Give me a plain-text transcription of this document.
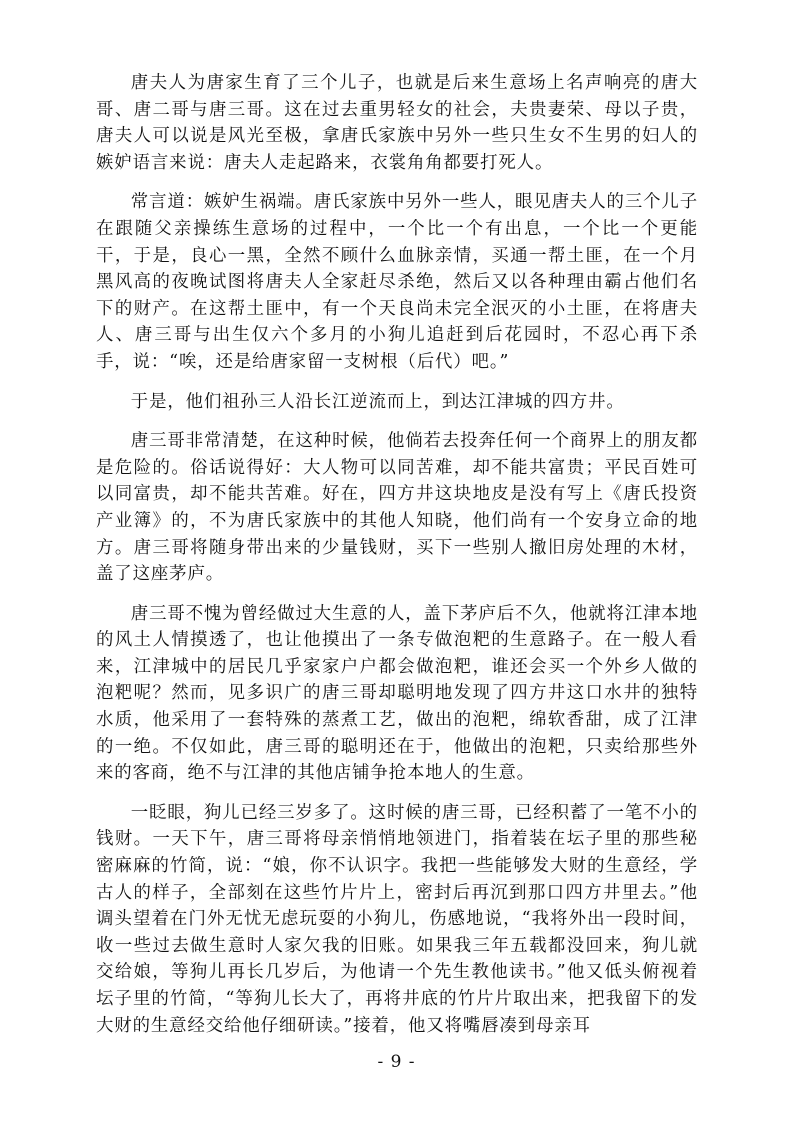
唐夫人为唐家生育了三个儿子，也就是后来生意场上名声响亮的唐大哥、唐二哥与唐三哥。这在过去重男轻女的社会，夫贵妻荣、母以子贵，唐夫人可以说是风光至极，拿唐氏家族中另外一些只生女不生男的妇人的嫉妒语言来说：唐夫人走起路来，衣裳角角都要打死人。

常言道：嫉妒生祸端。唐氏家族中另外一些人，眼见唐夫人的三个儿子在跟随父亲操练生意场的过程中，一个比一个有出息，一个比一个更能干，于是，良心一黑，全然不顾什么血脉亲情，买通一帮土匪，在一个月黑风高的夜晚试图将唐夫人全家赶尽杀绝，然后又以各种理由霸占他们名下的财产。在这帮土匪中，有一个天良尚未完全泯灭的小土匪，在将唐夫人、唐三哥与出生仅六个多月的小狗儿追赶到后花园时，不忍心再下杀手，说：“唉，还是给唐家留一支树根（后代）吧。”

于是，他们祖孙三人沿长江逆流而上，到达江津城的四方井。

唐三哥非常清楚，在这种时候，他倘若去投奔任何一个商界上的朋友都是危险的。俗话说得好：大人物可以同苦难，却不能共富贵；平民百姓可以同富贵，却不能共苦难。好在，四方井这块地皮是没有写上《唐氏投资产业簿》的，不为唐氏家族中的其他人知晓，他们尚有一个安身立命的地方。唐三哥将随身带出来的少量钱财，买下一些别人撤旧房处理的木材，盖了这座茅庐。

唐三哥不愧为曾经做过大生意的人，盖下茅庐后不久，他就将江津本地的风土人情摸透了，也让他摸出了一条专做泡粑的生意路子。在一般人看来，江津城中的居民几乎家家户户都会做泡粑，谁还会买一个外乡人做的泡粑呢？然而，见多识广的唐三哥却聪明地发现了四方井这口水井的独特水质，他采用了一套特殊的蒸煮工艺，做出的泡粑，绵软香甜，成了江津的一绝。不仅如此，唐三哥的聪明还在于，他做出的泡粑，只卖给那些外来的客商，绝不与江津的其他店铺争抢本地人的生意。

一眨眼，狗儿已经三岁多了。这时候的唐三哥，已经积蓄了一笔不小的钱财。一天下午，唐三哥将母亲悄悄地领进门，指着装在坛子里的那些秘密麻麻的竹简，说：“娘，你不认识字。我把一些能够发大财的生意经，学古人的样子，全部刻在这些竹片片上，密封后再沉到那口四方井里去。”他调头望着在门外无忧无虑玩耍的小狗儿，伤感地说，“我将外出一段时间，收一些过去做生意时人家欠我的旧账。如果我三年五载都没回来，狗儿就交给娘，等狗儿再长几岁后，为他请一个先生教他读书。”他又低头俯视着坛子里的竹简，“等狗儿长大了，再将井底的竹片片取出来，把我留下的发大财的生意经交给他仔细研读。”接着，他又将嘴唇凑到母亲耳

- 9 -
